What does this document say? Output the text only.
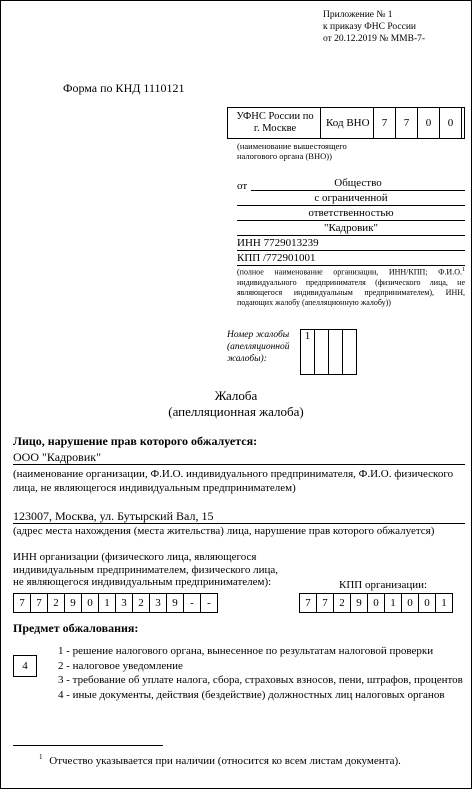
Приложение № 1
к приказу ФНС России
от 20.12.2019 № ММВ-7-
Форма по КНД 1110121
УФНС России по
г. Москве	Код ВНО 7	7	0	0
(наименование вышестоящего налогового органа (ВНО))
от	Общество
с ограниченной
ответственностью
"Кадровик"
ИНН 7729013239
КПП /772901001
(полное наименование организации, ИНН/КПП; Ф.И.О.$^1$ индивидуального предпринимателя (физического лица, не являющегося индивидуальным предпринимателем), ИНН, подающих жалобу (апелляционную жалобу))
Номер жалобы (апелляционной жалобы):
1			
Жалоба
(апелляционная жалоба)
Лицо, нарушение прав которого обжалуется:
ООО "Кадровик"
(наименование организации, Ф.И.О. индивидуального предпринимателя, Ф.И.О. физического лица, не являющегося индивидуальным предпринимателем)
123007, Москва, ул. Бутырский Вал, 15
(адрес места нахождения (места жительства) лица, нарушение прав которого обжалуется)
ИНН организации (физического лица, являющегося
индивидуальным предпринимателем, физического лица,
не являющегося индивидуальным предпринимателем):
7	7	2	9	0	1	3	2	3	9	-	-
КПП организации:
7	7	2	9	0	1	0	0	1
Предмет обжалования:
4
1 - решение налогового органа, вынесенное по результатам налоговой проверки
2 - налоговое уведомление
3 - требование об уплате налога, сбора, страховых взносов, пени, штрафов, процентов
4 - иные документы, действия (бездействие) должностных лиц налоговых органов
$^1$ Отчество указывается при наличии (относится ко всем листам документа).
